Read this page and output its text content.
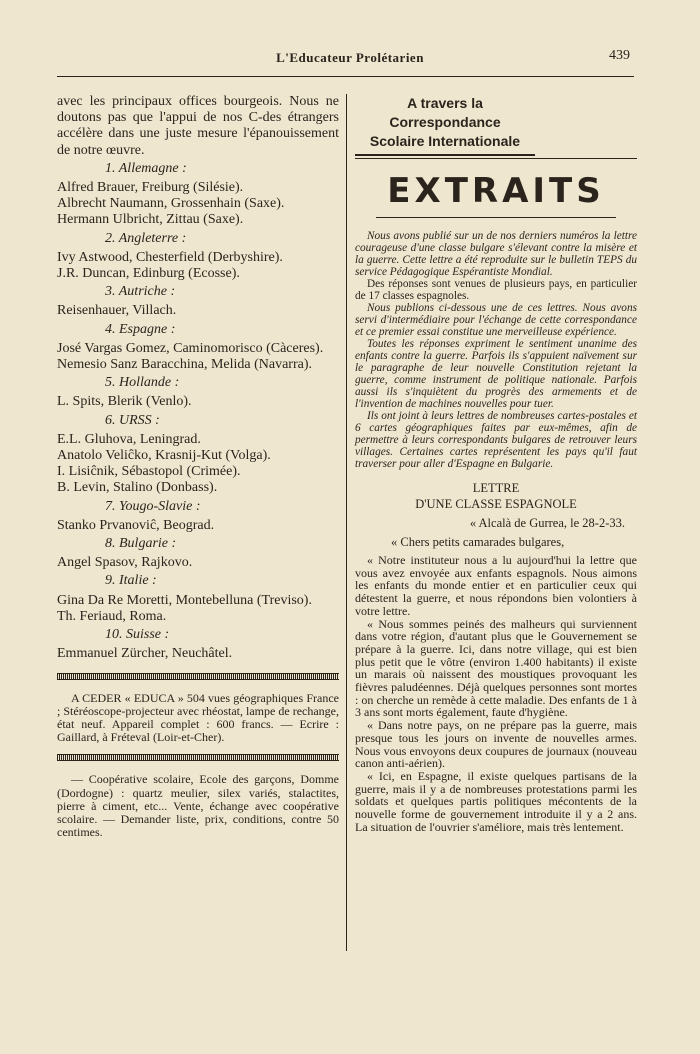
L'Educateur Prolétarien	439
avec les principaux offices bourgeois. Nous ne doutons pas que l'appui de nos C-des étrangers accélère dans une juste mesure l'épanouissement de notre œuvre.
1. Allemagne :
Alfred Brauer, Freiburg (Silésie).
Albrecht Naumann, Grossenhain (Saxe).
Hermann Ulbricht, Zittau (Saxe).
2. Angleterre :
Ivy Astwood, Chesterfield (Derbyshire).
J.R. Duncan, Edinburg (Ecosse).
3. Autriche :
Reisenhauer, Villach.
4. Espagne :
José Vargas Gomez, Caminomorisco (Càceres).
Nemesio Sanz Baracchina, Melida (Navarra).
5. Hollande :
L. Spits, Blerik (Venlo).
6. URSS :
E.L. Gluhova, Leningrad.
Anatolo Veliĉko, Krasnij-Kut (Volga).
I. Lisiĉnik, Sébastopol (Crimée).
B. Levin, Stalino (Donbass).
7. Yougo-Slavie :
Stanko Prvanoviĉ, Beograd.
8. Bulgarie :
Angel Spasov, Rajkovo.
9. Italie :
Gina Da Re Moretti, Montebelluna (Treviso).
Th. Feriaud, Roma.
10. Suisse :
Emmanuel Zürcher, Neuchâtel.
A CEDER « EDUCA » 504 vues géographiques France ; Stéréoscope-projecteur avec rhéostat, lampe de rechange, état neuf. Appareil complet : 600 francs. — Ecrire : Gaillard, à Fréteval (Loir-et-Cher).
— Coopérative scolaire, Ecole des garçons, Domme (Dordogne) : quartz meulier, silex variés, stalactites, pierre à ciment, etc... Vente, échange avec coopérative scolaire. — Demander liste, prix, conditions, contre 50 centimes.
A travers la Correspondance
Scolaire Internationale
EXTRAITS

Nous avons publié sur un de nos derniers numéros la lettre courageuse d'une classe bulgare s'élevant contre la misère et la guerre. Cette lettre a été reproduite sur le bulletin TEPS du service Pédagogique Espérantiste Mondial.

Des réponses sont venues de plusieurs pays, en particulier de 17 classes espagnoles.

Nous publions ci-dessous une de ces lettres. Nous avons servi d'intermédiaire pour l'échange de cette correspondance et ce premier essai constitue une merveilleuse expérience.

Toutes les réponses expriment le sentiment unanime des enfants contre la guerre. Parfois ils s'appuient naïvement sur le paragraphe de leur nouvelle Constitution rejetant la guerre, comme instrument de politique nationale. Parfois aussi ils s'inquiètent du progrès des armements et de l'invention de machines nouvelles pour tuer.

Ils ont joint à leurs lettres de nombreuses cartes-postales et 6 cartes géographiques faites par eux-mêmes, afin de permettre à leurs correspondants bulgares de retrouver leurs villages. Certaines cartes représentent les pays qu'il faut traverser pour aller d'Espagne en Bulgarie.

LETTRE
D'UNE CLASSE ESPAGNOLE
« Alcalà de Gurrea, le 28-2-33.
« Chers petits camarades bulgares,

« Notre instituteur nous a lu aujourd'hui la lettre que vous avez envoyée aux enfants espagnols. Nous aimons les enfants du monde entier et en particulier ceux qui détestent la guerre, et nous répondons bien volontiers à votre lettre.

« Nous sommes peinés des malheurs qui surviennent dans votre région, d'autant plus que le Gouvernement se prépare à la guerre. Ici, dans notre village, qui est bien plus petit que le vôtre (environ 1.400 habitants) il existe un marais où naissent des moustiques provoquant les fièvres paludéennes. Déjà quelques personnes sont mortes : on cherche un remède à cette maladie. Des enfants de 1 à 3 ans sont morts également, faute d'hygiène.

« Dans notre pays, on ne prépare pas la guerre, mais presque tous les jours on invente de nouvelles armes. Nous vous envoyons deux coupures de journaux (nouveau canon anti-aérien).

« Ici, en Espagne, il existe quelques partisans de la guerre, mais il y a de nombreuses protestations parmi les soldats et quelques partis politiques mécontents de la nouvelle forme de gouvernement introduite il y a 2 ans. La situation de l'ouvrier s'améliore, mais très lentement.
